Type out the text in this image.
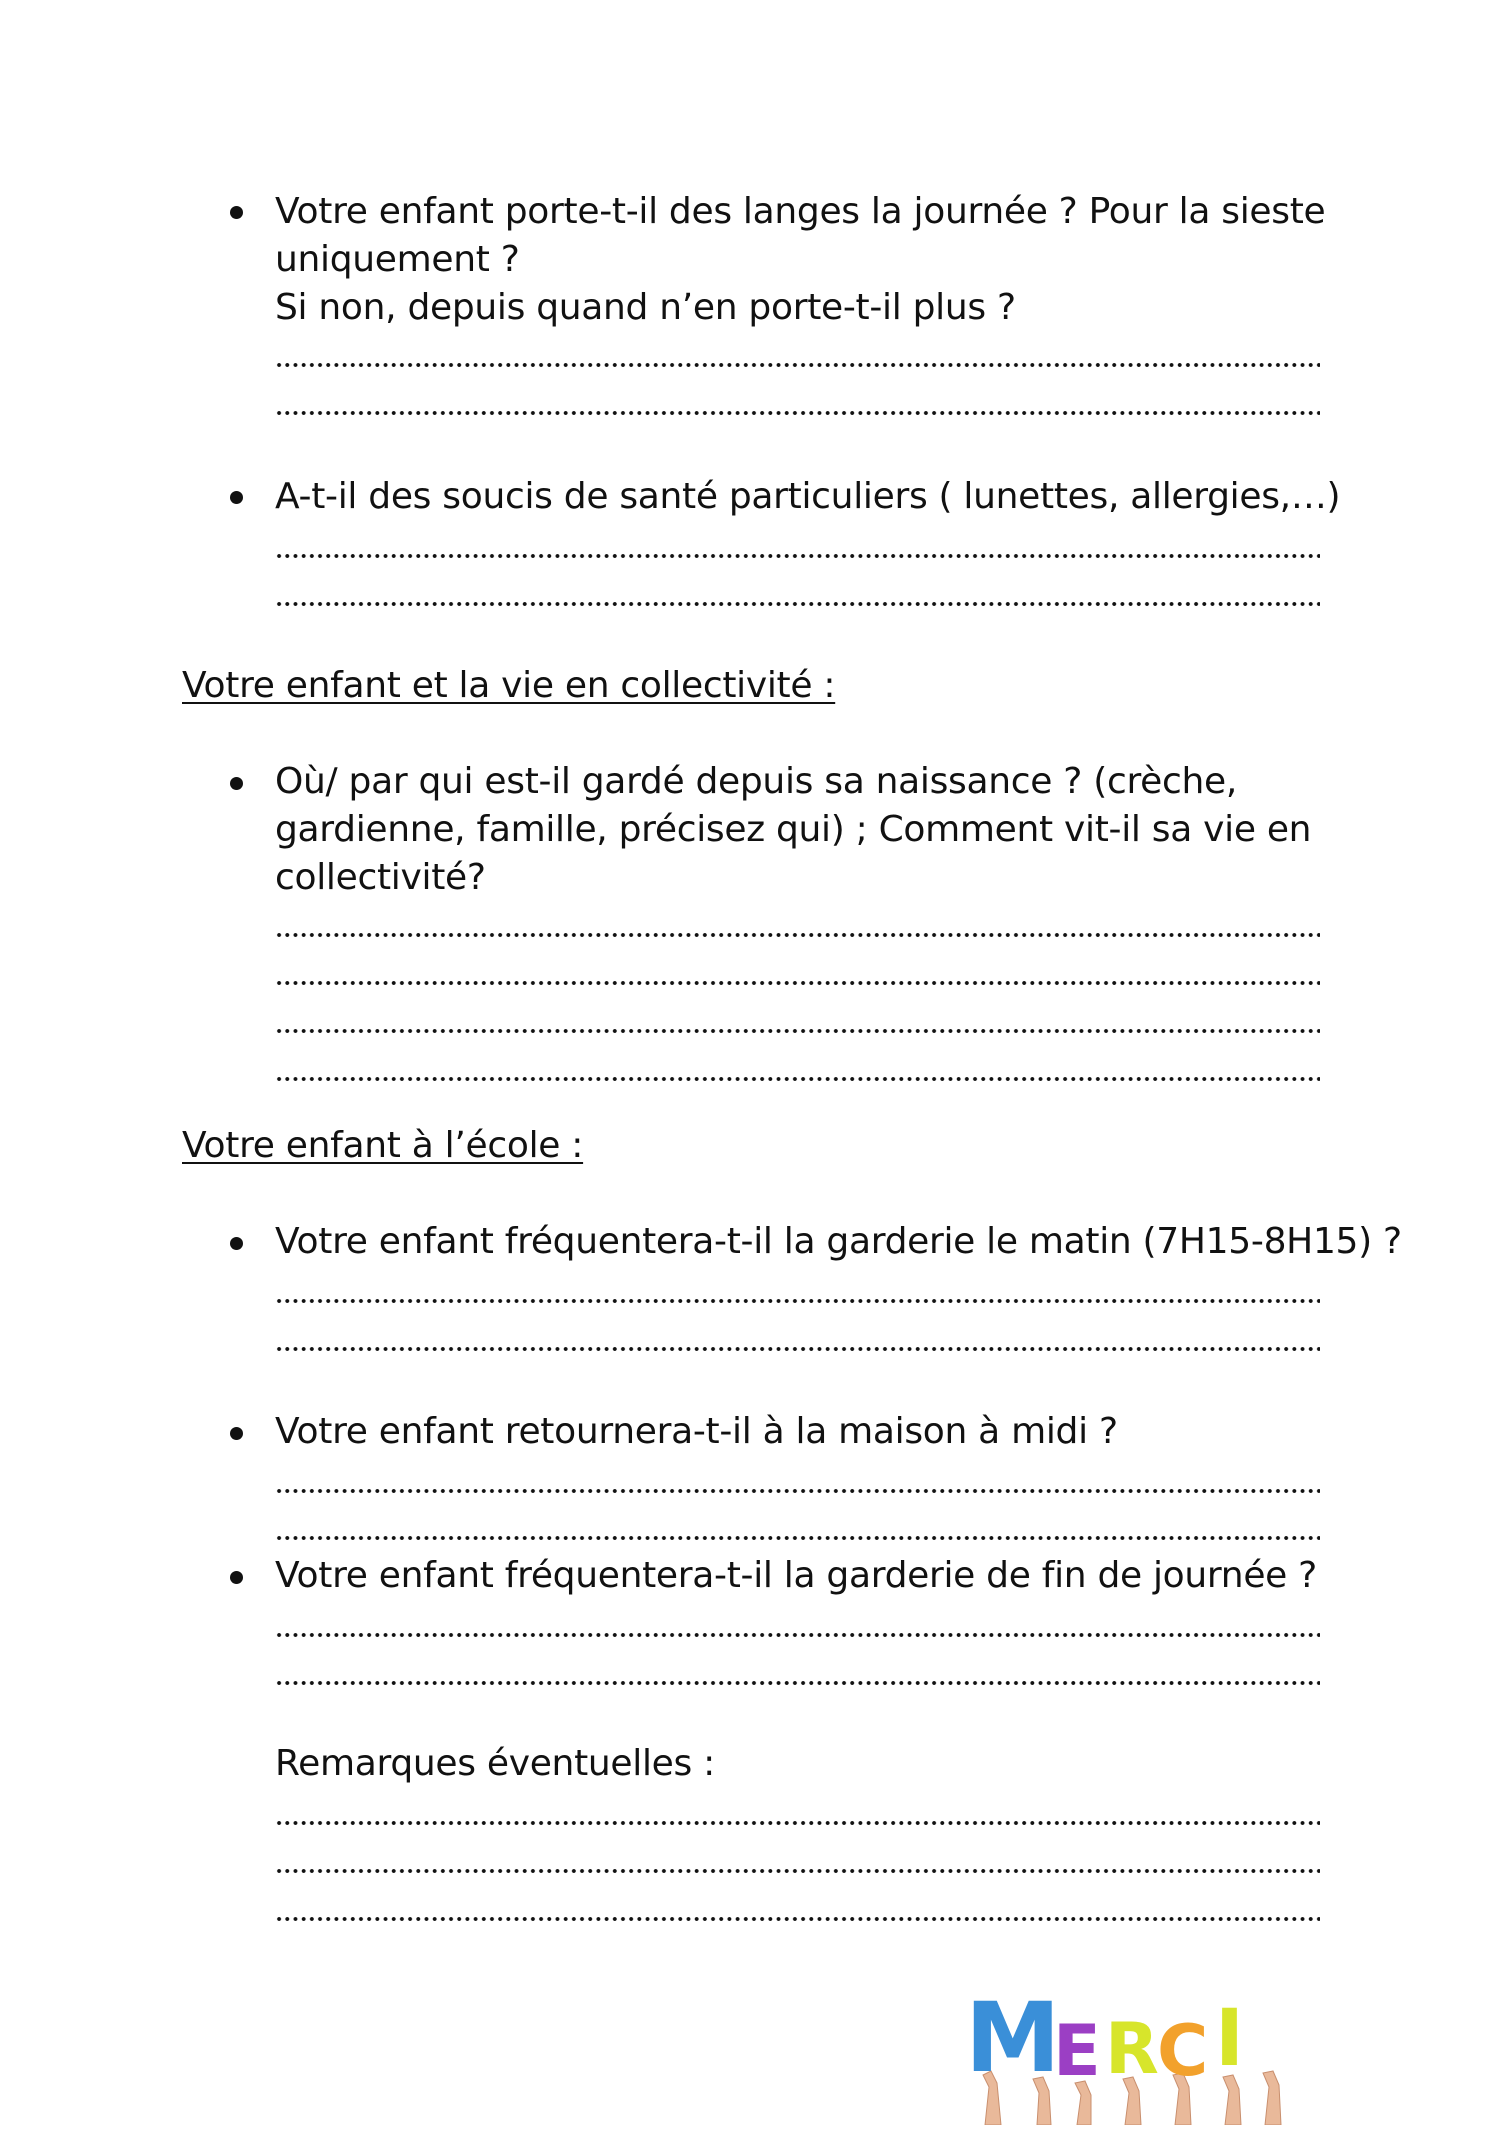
Votre enfant porte-t-il des langes la journée ? Pour la sieste
uniquement ?
Si non, depuis quand n’en porte-t-il plus ?
A-t-il des soucis de santé particuliers ( lunettes, allergies,…)
Votre enfant et la vie en collectivité :
Où/ par qui est-il gardé depuis sa naissance ? (crèche,
gardienne, famille, précisez qui) ; Comment vit-il sa vie en
collectivité?
Votre enfant à l’école :
Votre enfant fréquentera-t-il la garderie le matin (7H15-8H15) ?
Votre enfant retournera-t-il à la maison à midi ?
Votre enfant fréquentera-t-il la garderie de fin de journée ?
Remarques éventuelles :
M
E R
C I
